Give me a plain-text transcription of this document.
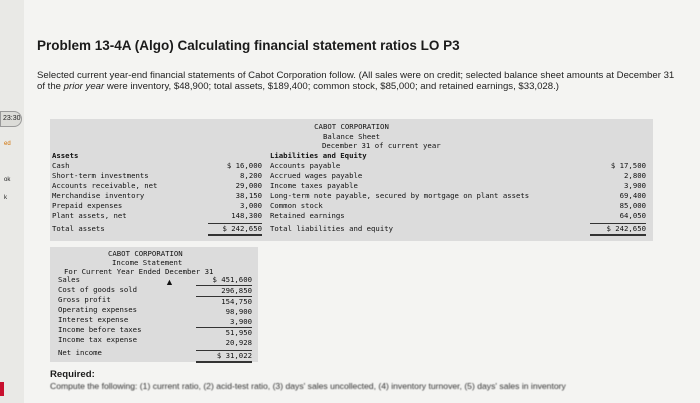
23:30
ed
ok
k
Problem 13-4A (Algo) Calculating financial statement ratios LO P3
Selected current year-end financial statements of Cabot Corporation follow. (All sales were on credit; selected balance sheet amounts at December 31 of the prior year were inventory, $48,900; total assets, $189,400; common stock, $85,000; and retained earnings, $33,028.)
CABOT CORPORATION
Balance Sheet
December 31 of current year
Assets
Cash
Short-term investments
Accounts receivable, net
Merchandise inventory
Prepaid expenses
Plant assets, net
Total assets
$ 16,000
8,200
29,000
38,150
3,000
148,300
$ 242,650
Liabilities and Equity
Accounts payable
Accrued wages payable
Income taxes payable
Long-term note payable, secured by mortgage on plant assets
Common stock
Retained earnings
Total liabilities and equity
$ 17,500
2,800
3,900
69,400
85,000
64,050
$ 242,650
CABOT CORPORATION
Income Statement
For Current Year Ended December 31
Sales
Cost of goods sold
Gross profit
Operating expenses
Interest expense
Income before taxes
Income tax expense
Net income
$ 451,600
296,850
154,750
98,900
3,900
51,950
20,928
$ 31,022
▲
Required:
Compute the following: (1) current ratio, (2) acid-test ratio, (3) days' sales uncollected, (4) inventory turnover, (5) days' sales in inventory
